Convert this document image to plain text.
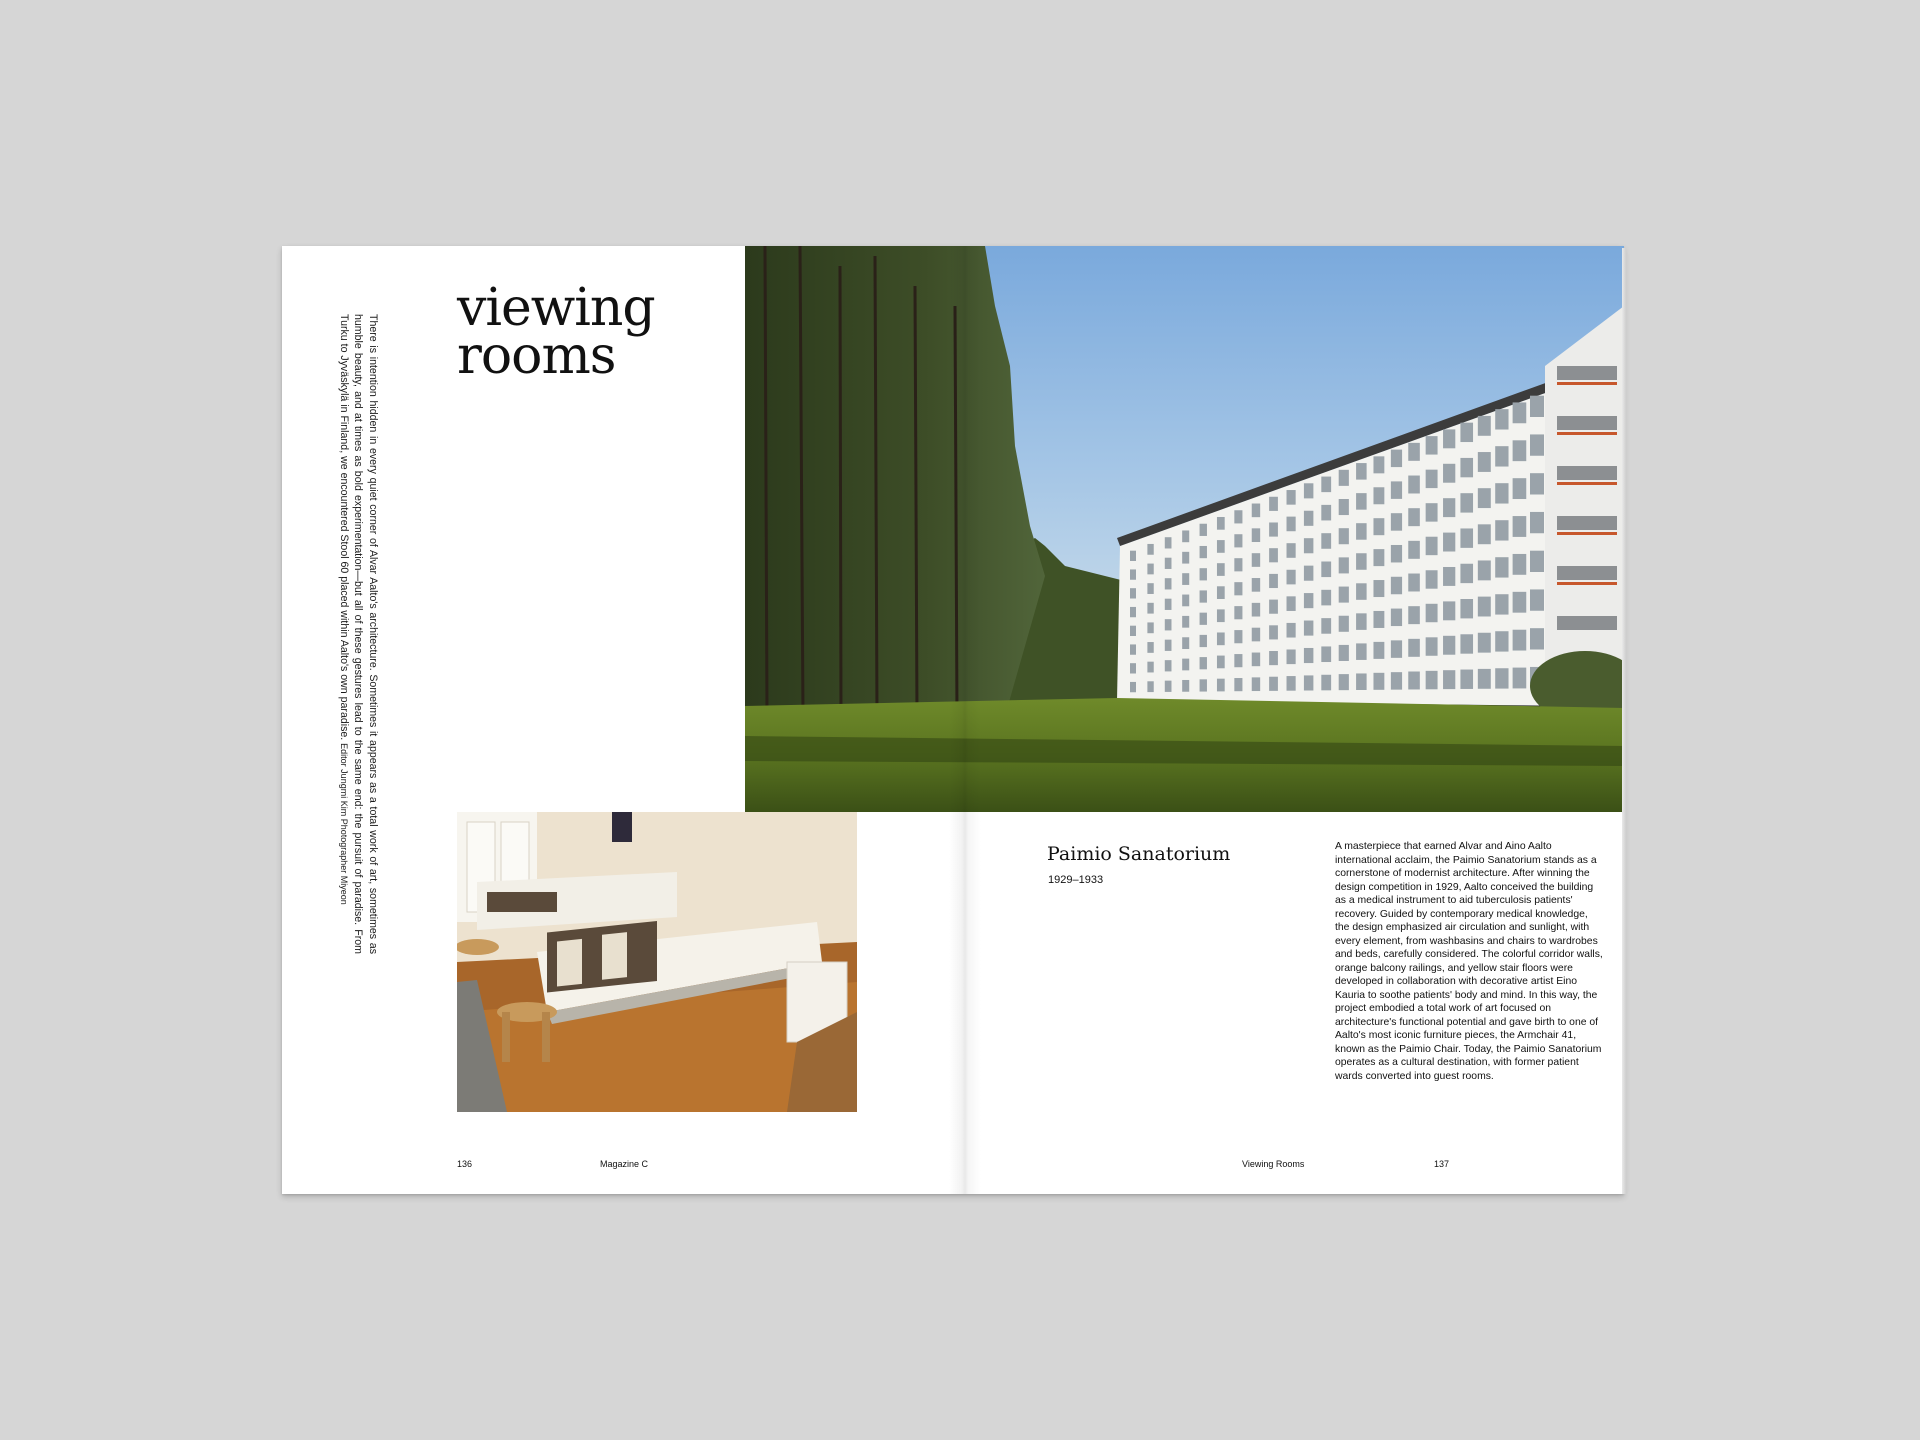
There is intention hidden in every quiet corner of Alvar Aalto's architecture. Sometimes it appears as a total work of art, sometimes as humble beauty, and at times as bold experimentation—but all of these gestures lead to the same end: the pursuit of paradise. From Turku to Jyväskylä in Finland, we encountered Stool 60 placed within Aalto's own paradise. Editor Jungmi Kim Photographer Miyeon
viewing
rooms
Paimio Sanatorium
1929–1933
A masterpiece that earned Alvar and Aino Aalto international acclaim, the Paimio Sanatorium stands as a cornerstone of modernist architecture. After winning the design competition in 1929, Aalto conceived the building as a medical instrument to aid tuberculosis patients' recovery. Guided by contemporary medical knowledge, the design emphasized air circulation and sunlight, with every element, from washbasins and chairs to wardrobes and beds, carefully considered. The colorful corridor walls, orange balcony railings, and yellow stair floors were developed in collaboration with decorative artist Eino Kauria to soothe patients' body and mind. In this way, the project embodied a total work of art focused on architecture's functional potential and gave birth to one of Aalto's most iconic furniture pieces, the Armchair 41, known as the Paimio Chair. Today, the Paimio Sanatorium operates as a cultural destination, with former patient wards converted into guest rooms.
136	Magazine C	Viewing Rooms	137
